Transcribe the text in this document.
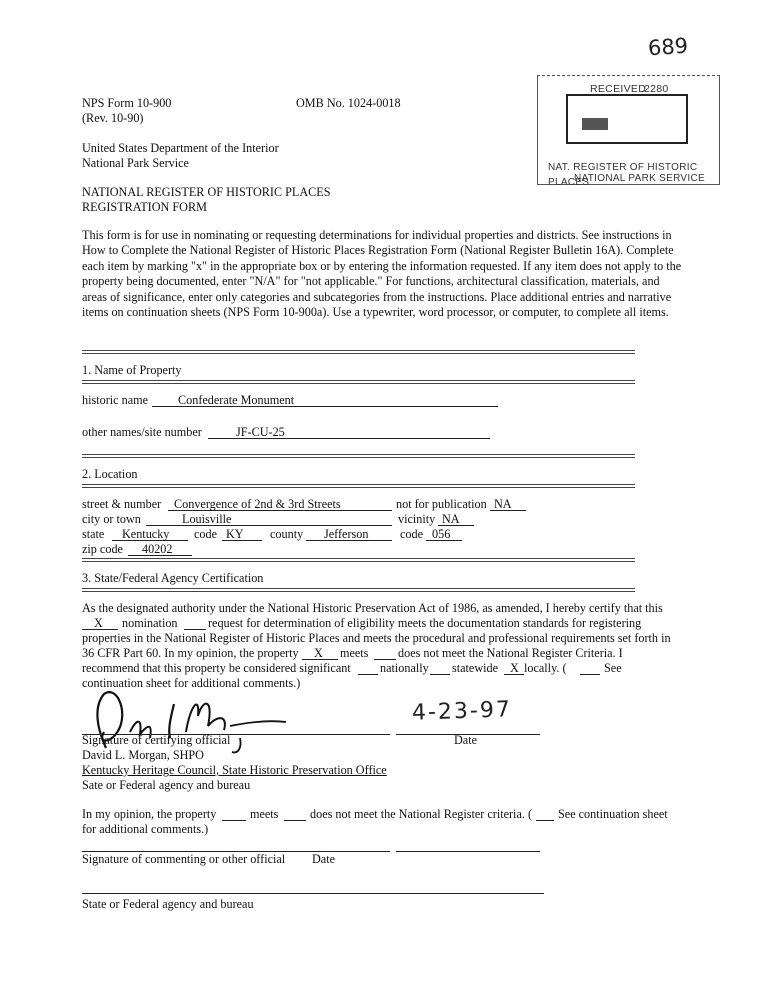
689
RECEIVED
2280
NAT. REGISTER OF HISTORIC PLACES
NATIONAL PARK SERVICE
NPS Form 10-900
(Rev. 10-90)
OMB No. 1024-0018
United States Department of the Interior
National Park Service
NATIONAL REGISTER OF HISTORIC PLACES
REGISTRATION FORM
This form is for use in nominating or requesting determinations for individual properties and districts. See instructions in How to Complete the National Register of Historic Places Registration Form (National Register Bulletin 16A). Complete each item by marking "x" in the appropriate box or by entering the information requested. If any item does not apply to the property being documented, enter "N/A" for "not applicable." For functions, architectural classification, materials, and areas of significance, enter only categories and subcategories from the instructions. Place additional entries and narrative items on continuation sheets (NPS Form 10-900a). Use a typewriter, word processor, or computer, to complete all items.
1. Name of Property
historic name Confederate Monument
other names/site number	JF-CU-25
2. Location
street & number Convergence of 2nd & 3rd Streets	not for publication NA
city or town	Louisville	vicinity NA
state Kentucky code KY county Jefferson	code 056
zip code 40202
3. State/Federal Agency Certification
As the designated authority under the National Historic Preservation Act of 1986, as amended, I hereby certify that this
X nomination request for determination of eligibility meets the documentation standards for registering
properties in the National Register of Historic Places and meets the procedural and professional requirements set forth in
36 CFR Part 60. In my opinion, the property X meets does not meet the National Register Criteria. I
recommend that this property be considered significant nationally statewide X locally. (	See
continuation sheet for additional comments.)
4-23-97
Signature of certifying official	Date
David L. Morgan, SHPO
Kentucky Heritage Council, State Historic Preservation Office
Sate or Federal agency and bureau
In my opinion, the property	meets	does not meet the National Register criteria. ( See continuation sheet
for additional comments.)
Signature of commenting or other official Date
State or Federal agency and bureau
